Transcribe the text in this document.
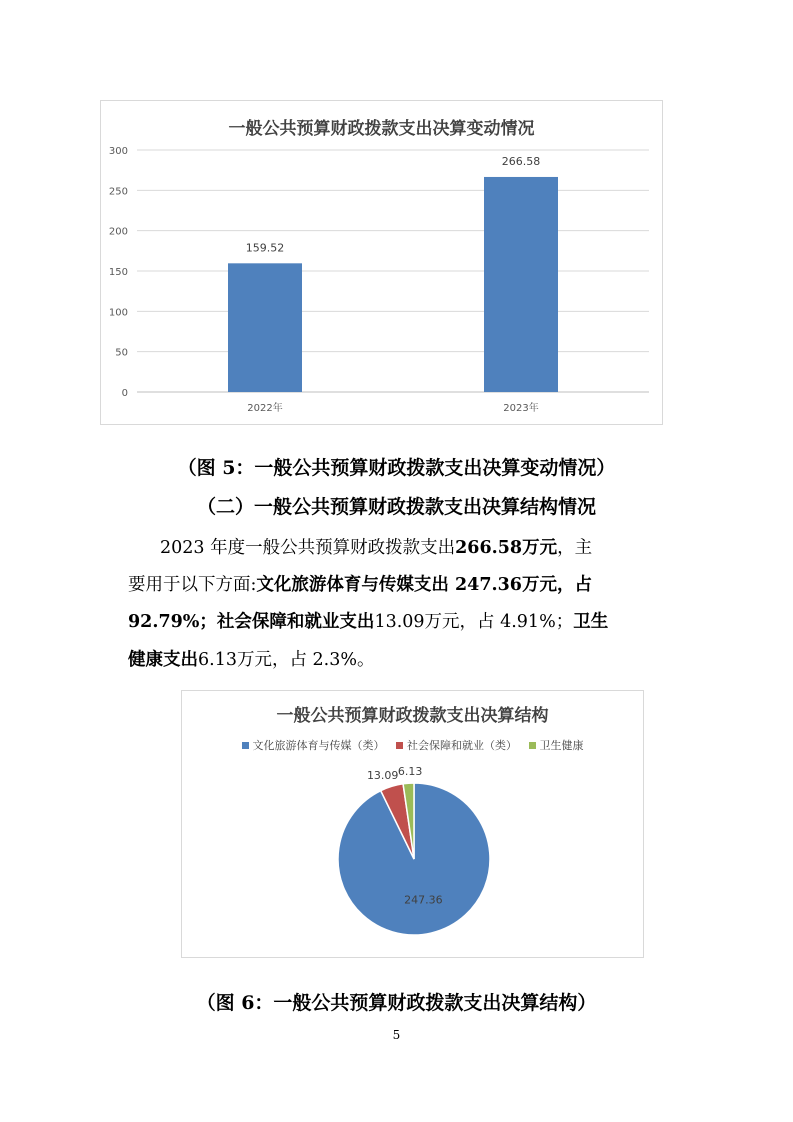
一般公共预算财政拨款支出决算变动情况
0
50
100
150
200
250
300
159.52
2022年
266.58
2023年
（图 5：一般公共预算财政拨款支出决算变动情况）
（二）一般公共预算财政拨款支出决算结构情况
2023 年度一般公共预算财政拨款支出266.58万元，主
要用于以下方面:文化旅游体育与传媒支出 247.36万元，占
92.79%；社会保障和就业支出13.09万元，占 4.91%；卫生
健康支出6.13万元，占 2.3%。
一般公共预算财政拨款支出决算结构
文化旅游体育与传媒（类） 社会保障和就业（类） 卫生健康
247.36
13.09 6.13
（图 6：一般公共预算财政拨款支出决算结构）
5
